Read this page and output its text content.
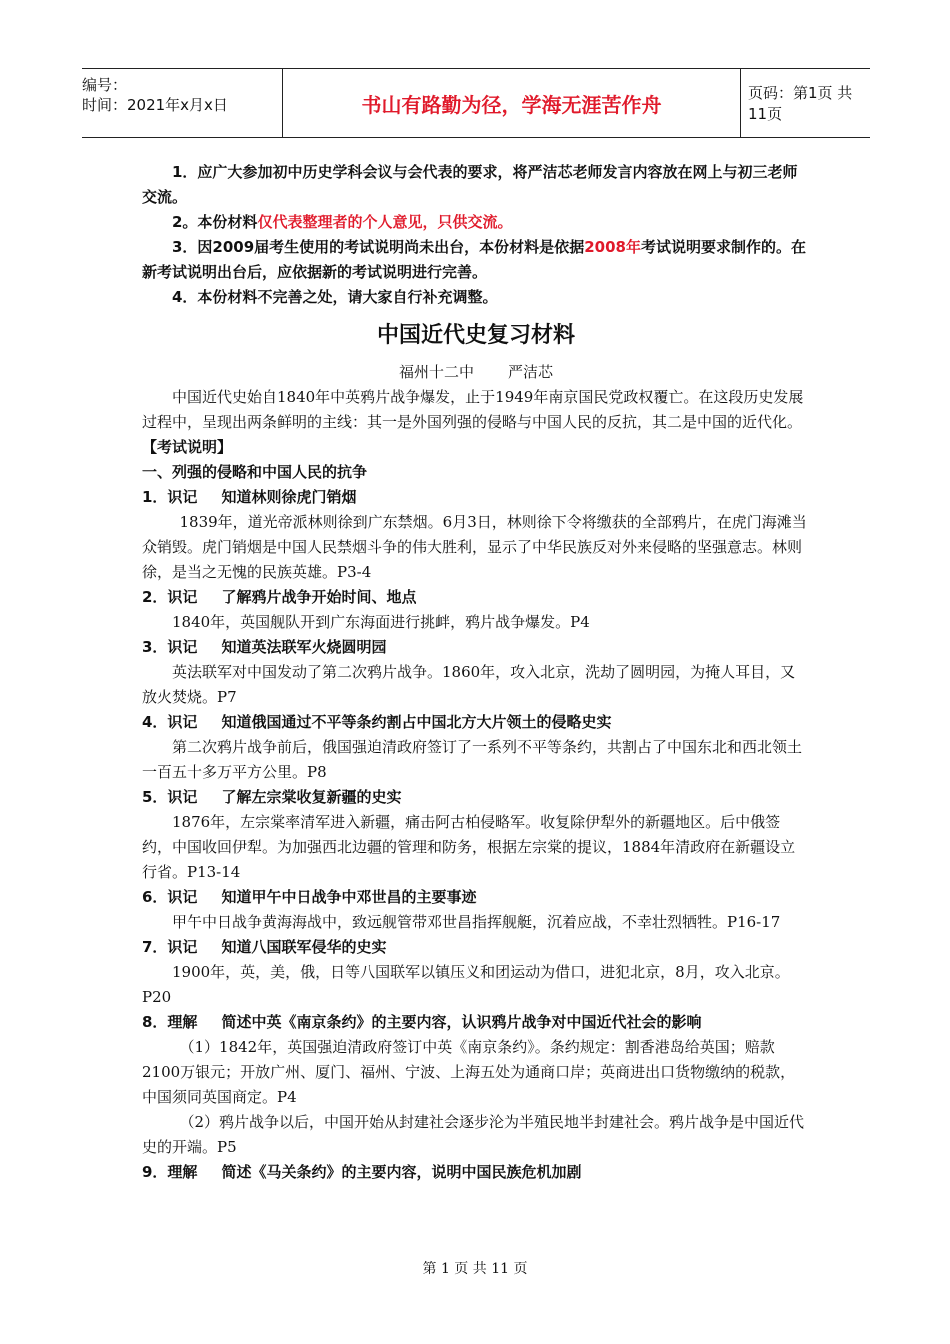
编号：
时间：2021年x月x日	书山有路勤为径，学海无涯苦作舟	页码：第1页 共11页

1．应广大参加初中历史学科会议与会代表的要求，将严洁芯老师发言内容放在网上与初三老师交流。

2。本份材料仅代表整理者的个人意见，只供交流。

3．因2009届考生使用的考试说明尚未出台，本份材料是依据2008年考试说明要求制作的。在新考试说明出台后，应依据新的考试说明进行完善。

4．本份材料不完善之处，请大家自行补充调整。

中国近代史复习材料

福州十二中 严洁芯

中国近代史始自1840年中英鸦片战争爆发，止于1949年南京国民党政权覆亡。在这段历史发展过程中，呈现出两条鲜明的主线：其一是外国列强的侵略与中国人民的反抗，其二是中国的近代化。

【考试说明】

一、列强的侵略和中国人民的抗争

1．识记 知道林则徐虎门销烟

1839年，道光帝派林则徐到广东禁烟。6月3日，林则徐下令将缴获的全部鸦片，在虎门海滩当众销毁。虎门销烟是中国人民禁烟斗争的伟大胜利，显示了中华民族反对外来侵略的坚强意志。林则徐，是当之无愧的民族英雄。P3-4

2．识记 了解鸦片战争开始时间、地点

1840年，英国舰队开到广东海面进行挑衅，鸦片战争爆发。P4

3．识记 知道英法联军火烧圆明园

英法联军对中国发动了第二次鸦片战争。1860年，攻入北京，洗劫了圆明园，为掩人耳目，又放火焚烧。P7

4．识记 知道俄国通过不平等条约割占中国北方大片领土的侵略史实

第二次鸦片战争前后，俄国强迫清政府签订了一系列不平等条约，共割占了中国东北和西北领土一百五十多万平方公里。P8

5．识记 了解左宗棠收复新疆的史实

1876年，左宗棠率清军进入新疆，痛击阿古柏侵略军。收复除伊犁外的新疆地区。后中俄签约，中国收回伊犁。为加强西北边疆的管理和防务，根据左宗棠的提议，1884年清政府在新疆设立行省。P13-14

6．识记 知道甲午中日战争中邓世昌的主要事迹

甲午中日战争黄海海战中，致远舰管带邓世昌指挥舰艇，沉着应战，不幸壮烈牺牲。P16-17

7．识记 知道八国联军侵华的史实

1900年，英，美，俄，日等八国联军以镇压义和团运动为借口，进犯北京，8月，攻入北京。P20

8．理解 简述中英《南京条约》的主要内容，认识鸦片战争对中国近代社会的影响

（1）1842年，英国强迫清政府签订中英《南京条约》。条约规定：割香港岛给英国；赔款2100万银元；开放广州、厦门、福州、宁波、上海五处为通商口岸；英商进出口货物缴纳的税款，中国须同英国商定。P4

（2）鸦片战争以后，中国开始从封建社会逐步沦为半殖民地半封建社会。鸦片战争是中国近代史的开端。P5

9．理解 简述《马关条约》的主要内容，说明中国民族危机加剧

第 1 页 共 11 页
